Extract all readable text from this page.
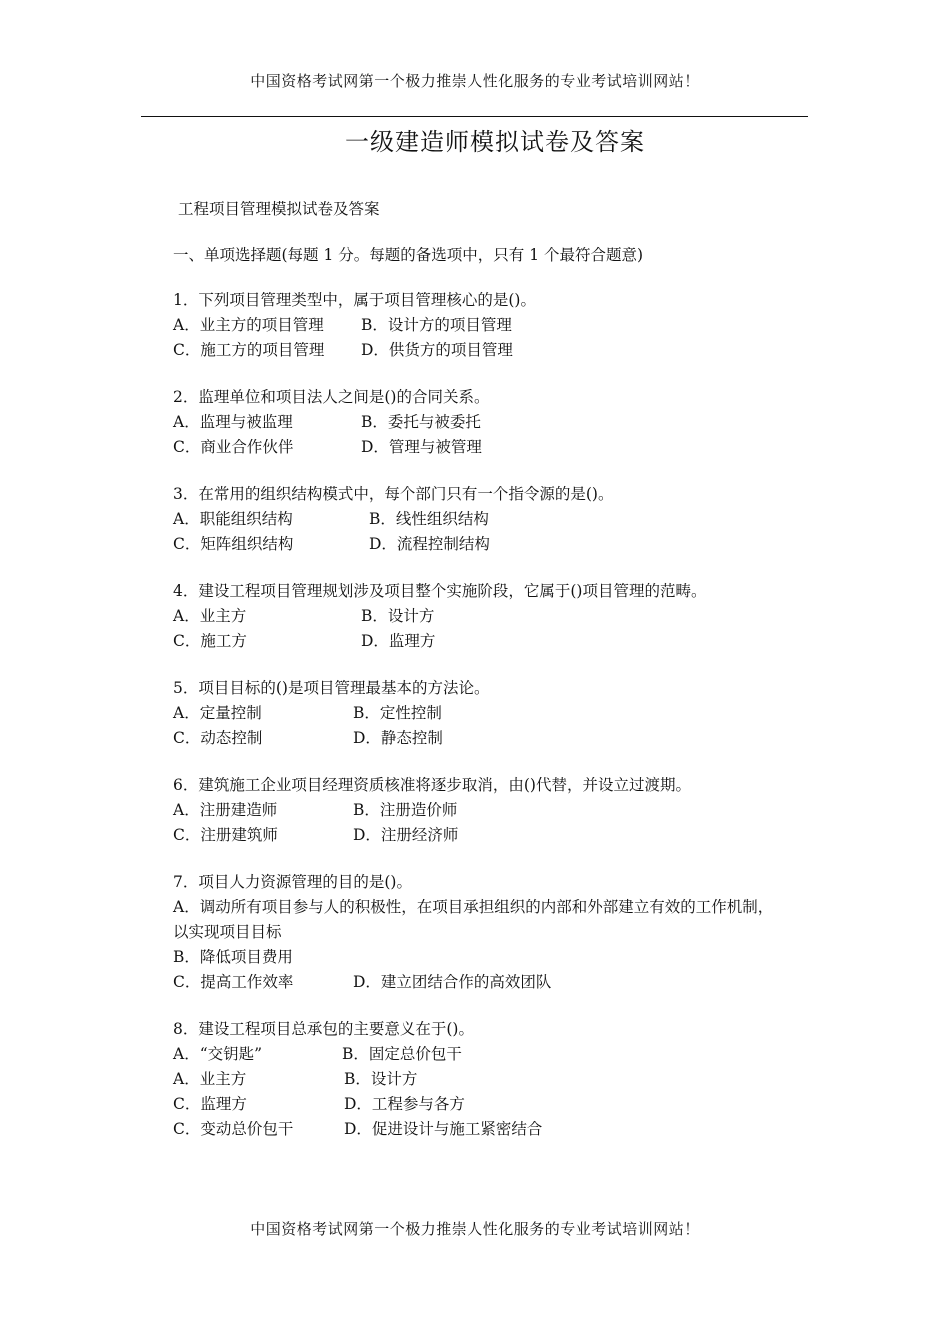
中国资格考试网第一个极力推崇人性化服务的专业考试培训网站！
一级建造师模拟试卷及答案
工程项目管理模拟试卷及答案
一、单项选择题(每题 1 分。每题的备选项中，只有 1 个最符合题意)
1．下列项目管理类型中，属于项目管理核心的是()。
A．业主方的项目管理 B．设计方的项目管理
C．施工方的项目管理 D．供货方的项目管理
2．监理单位和项目法人之间是()的合同关系。
A．监理与被监理	B．委托与被委托
C．商业合作伙伴	D．管理与被管理
3．在常用的组织结构模式中，每个部门只有一个指令源的是()。
A．职能组织结构	B．线性组织结构
C．矩阵组织结构	D．流程控制结构
4．建设工程项目管理规划涉及项目整个实施阶段，它属于()项目管理的范畴。
A．业主方	B．设计方
C．施工方	D．监理方
5．项目目标的()是项目管理最基本的方法论。
A．定量控制	B．定性控制
C．动态控制	D．静态控制
6．建筑施工企业项目经理资质核准将逐步取消，由()代替，并设立过渡期。
A．注册建造师	B．注册造价师
C．注册建筑师	D．注册经济师
7．项目人力资源管理的目的是()。
A．调动所有项目参与人的积极性，在项目承担组织的内部和外部建立有效的工作机制，以实现项目目标
B．降低项目费用
C．提高工作效率	D．建立团结合作的高效团队
8．建设工程项目总承包的主要意义在于()。
A．“交钥匙”	B．固定总价包干
A．业主方	B．设计方
C．监理方	D．工程参与各方
C．变动总价包干	D．促进设计与施工紧密结合
中国资格考试网第一个极力推崇人性化服务的专业考试培训网站！
